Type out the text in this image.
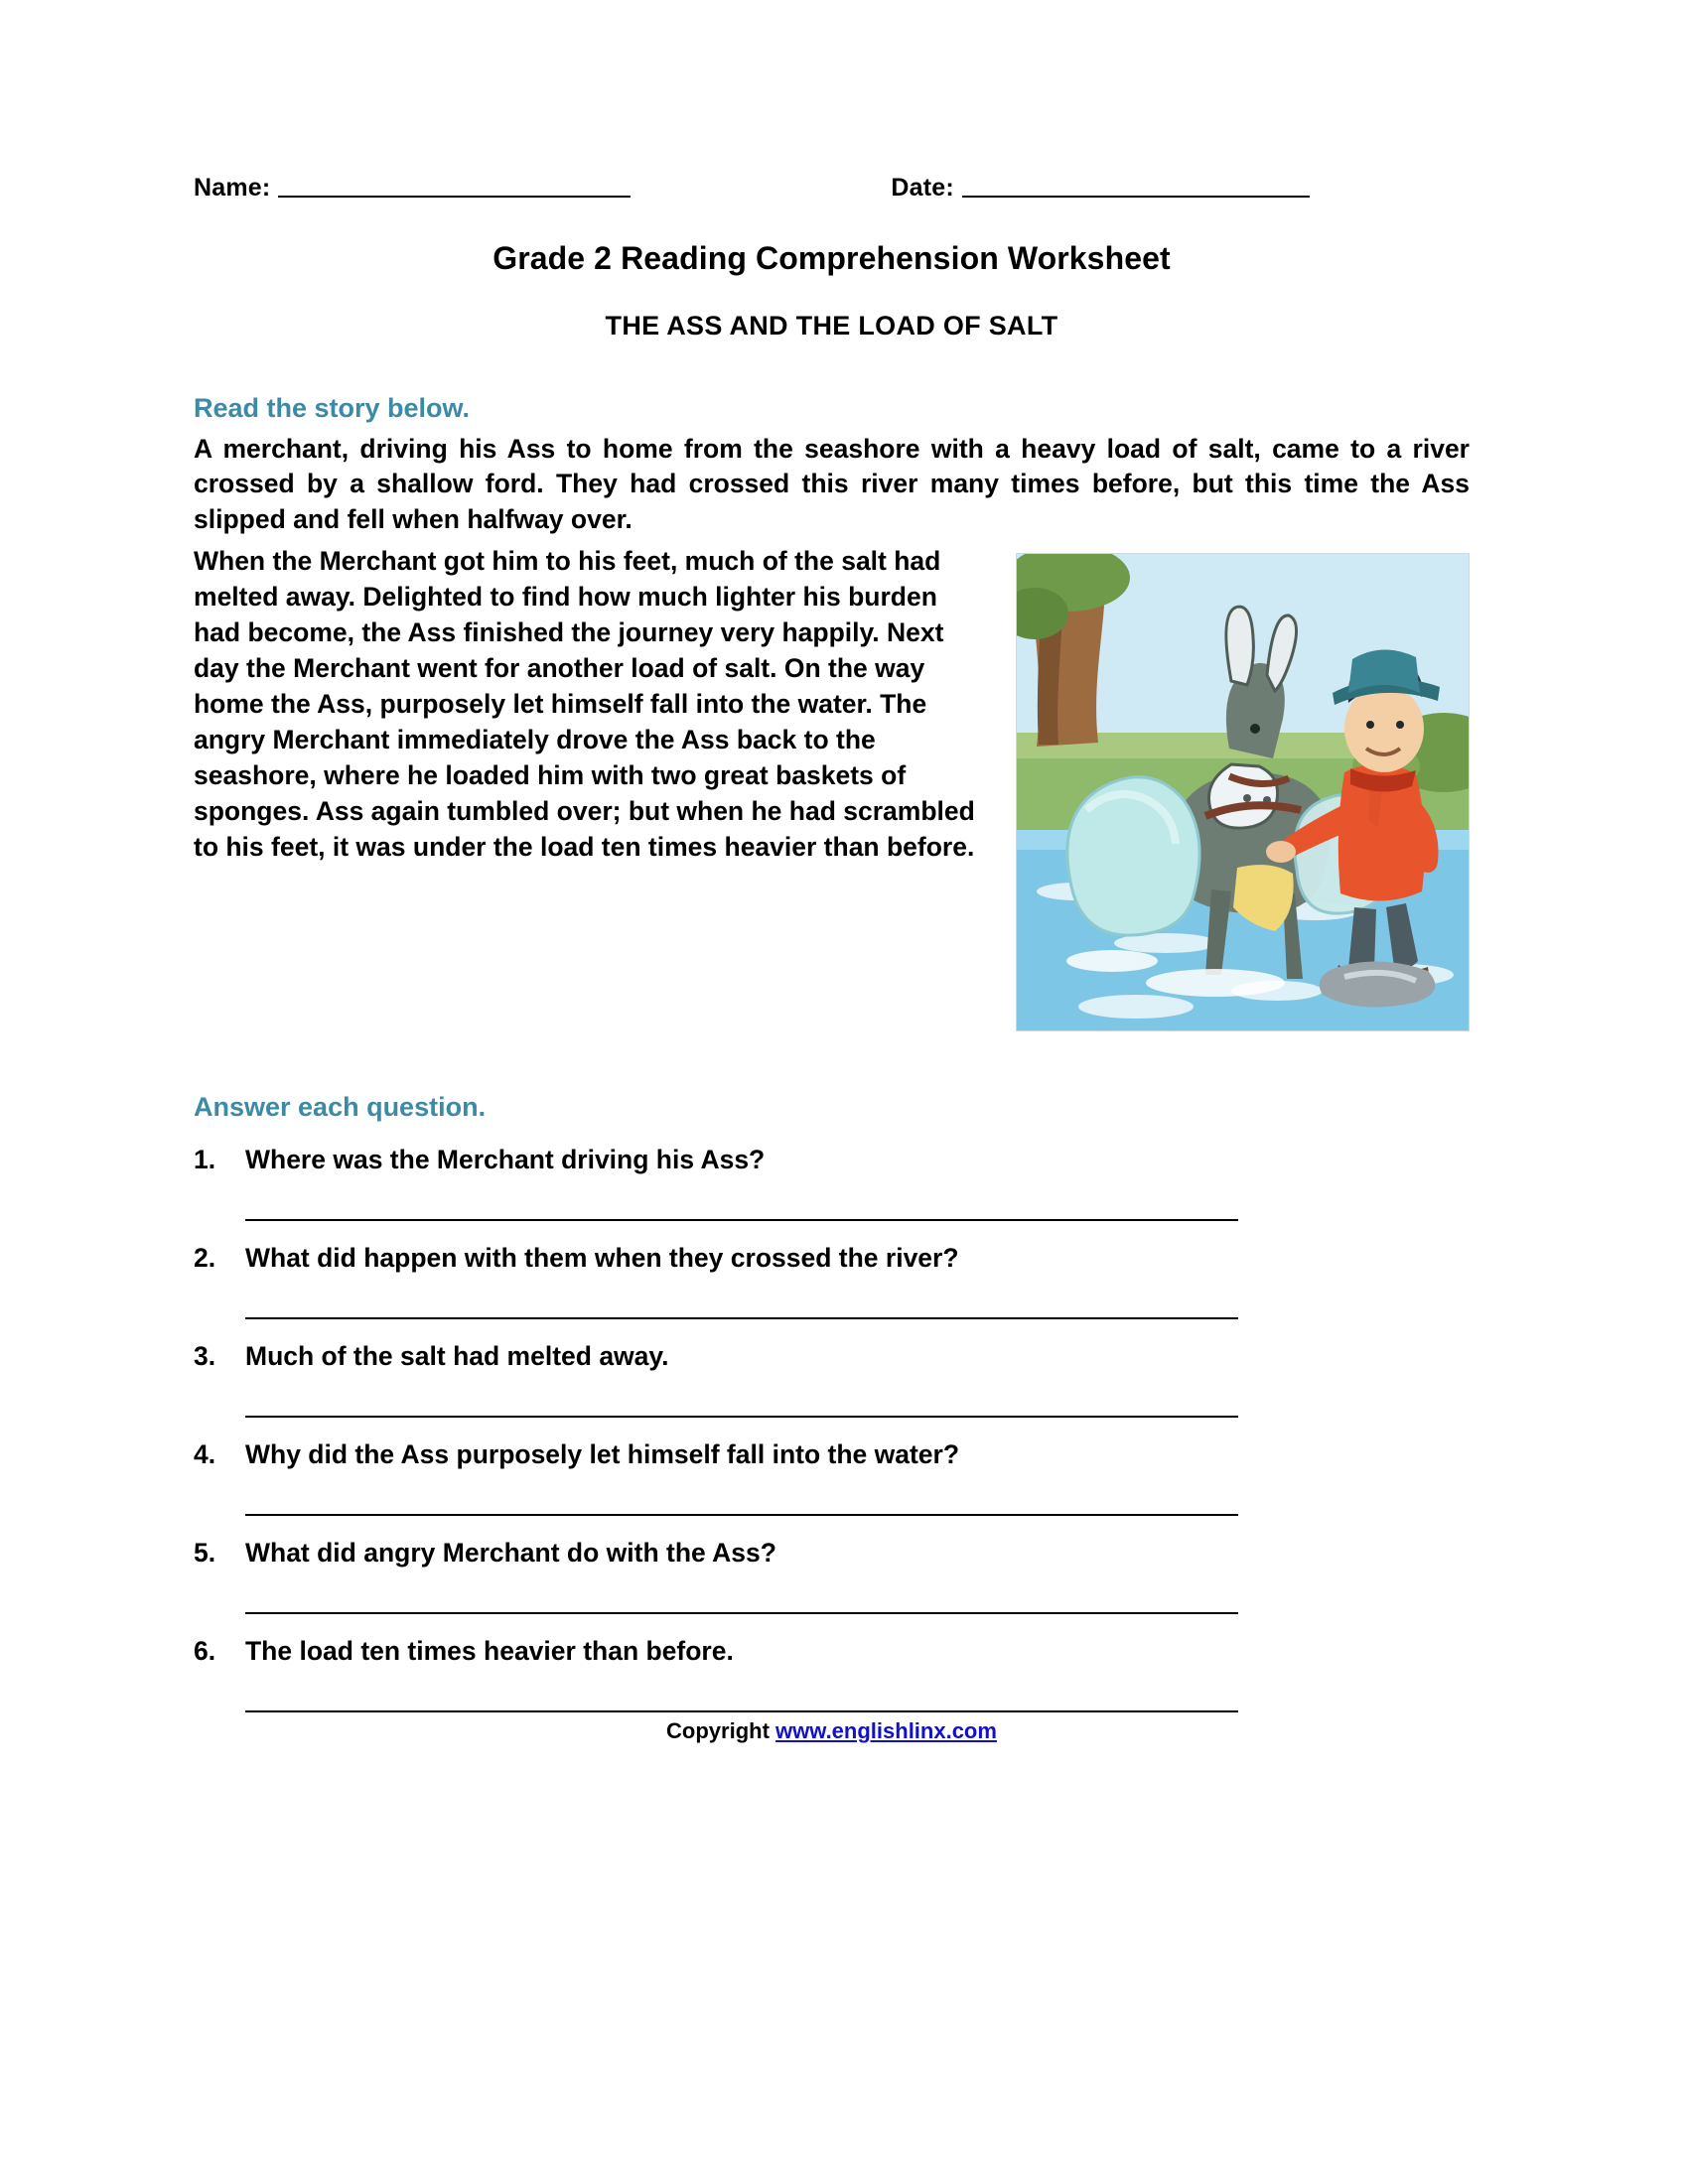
Name:	Date:
Grade 2 Reading Comprehension Worksheet
THE ASS AND THE LOAD OF SALT
Read the story below.

A merchant, driving his Ass to home from the seashore with a heavy load of salt, came to a river crossed by a shallow ford. They had crossed this river many times before, but this time the Ass slipped and fell when halfway over.

When the Merchant got him to his feet, much of the salt had melted away. Delighted to find how much lighter his burden had become, the Ass finished the journey very happily. Next day the Merchant went for another load of salt. On the way home the Ass, purposely let himself fall into the water. The angry Merchant immediately drove the Ass back to the seashore, where he loaded him with two great baskets of sponges. Ass again tumbled over; but when he had scrambled to his feet, it was under the load ten times heavier than before.
Answer each question.
1.	Where was the Merchant driving his Ass?
2.	What did happen with them when they crossed the river?
3.	Much of the salt had melted away.
4.	Why did the Ass purposely let himself fall into the water?
5.	What did angry Merchant do with the Ass?
6.	The load ten times heavier than before.
Copyright www.englishlinx.com
